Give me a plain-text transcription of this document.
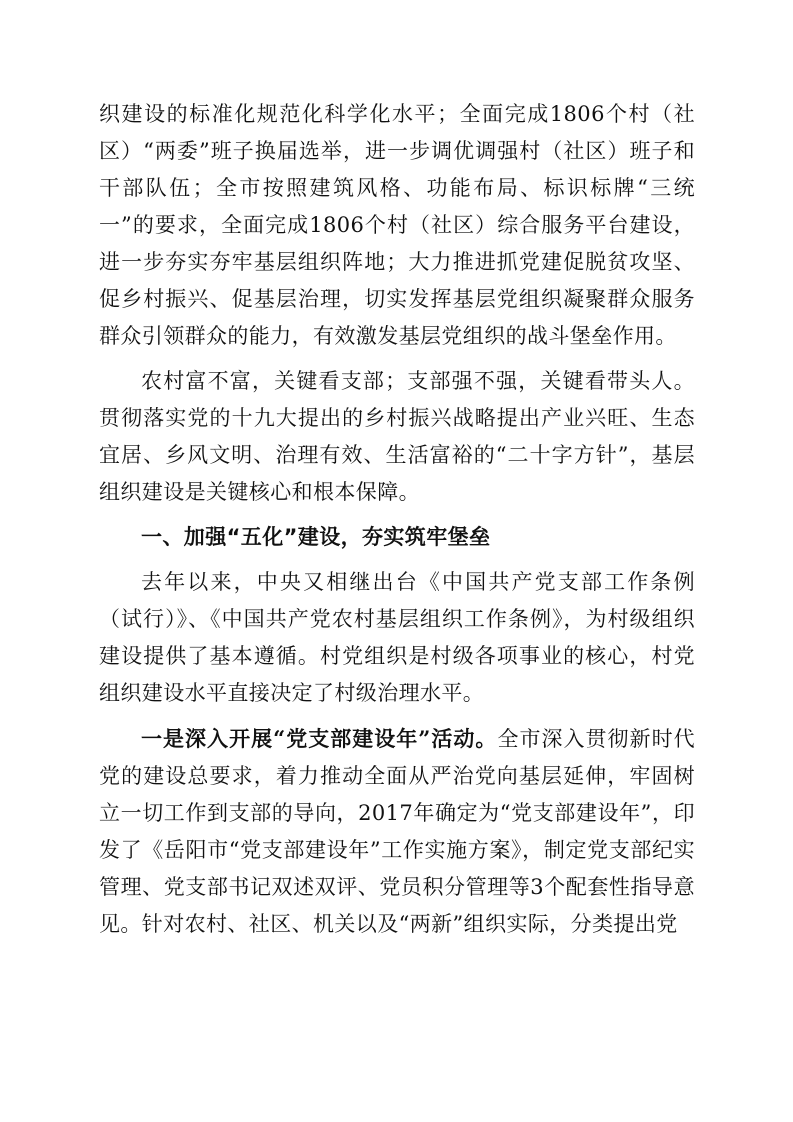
织建设的标准化规范化科学化水平；全面完成1806个村（社区）“两委”班子换届选举，进一步调优调强村（社区）班子和干部队伍；全市按照建筑风格、功能布局、标识标牌“三统一”的要求，全面完成1806个村（社区）综合服务平台建设，进一步夯实夯牢基层组织阵地；大力推进抓党建促脱贫攻坚、促乡村振兴、促基层治理，切实发挥基层党组织凝聚群众服务群众引领群众的能力，有效激发基层党组织的战斗堡垒作用。

农村富不富，关键看支部；支部强不强，关键看带头人。贯彻落实党的十九大提出的乡村振兴战略提出产业兴旺、生态宜居、乡风文明、治理有效、生活富裕的“二十字方针”，基层组织建设是关键核心和根本保障。

一、加强“五化”建设，夯实筑牢堡垒

去年以来，中央又相继出台《中国共产党支部工作条例（试行）》、《中国共产党农村基层组织工作条例》，为村级组织建设提供了基本遵循。村党组织是村级各项事业的核心，村党组织建设水平直接决定了村级治理水平。

一是深入开展“党支部建设年”活动。全市深入贯彻新时代党的建设总要求，着力推动全面从严治党向基层延伸，牢固树立一切工作到支部的导向，2017年确定为“党支部建设年”，印发了《岳阳市“党支部建设年”工作实施方案》，制定党支部纪实管理、党支部书记双述双评、党员积分管理等3个配套性指导意见。针对农村、社区、机关以及“两新”组织实际，分类提出党
